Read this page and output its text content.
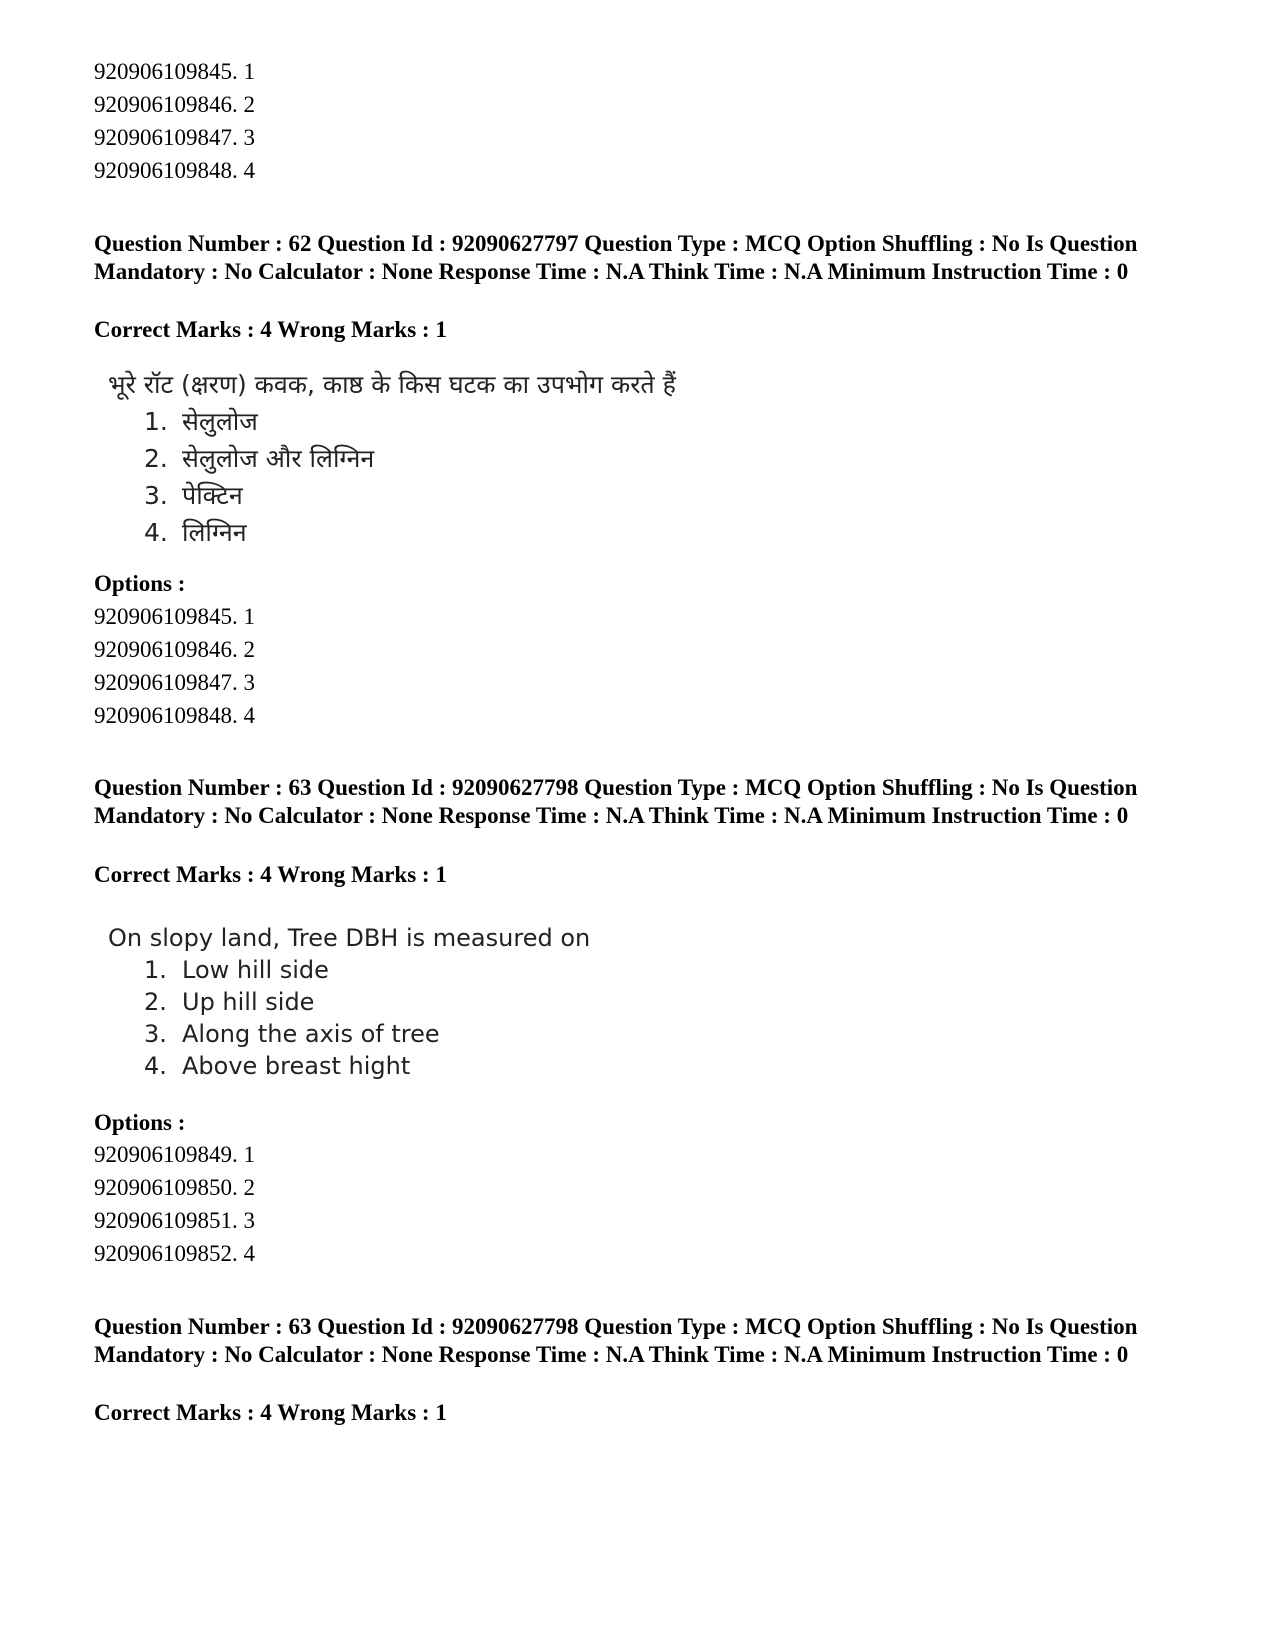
920906109845. 1
920906109846. 2
920906109847. 3
920906109848. 4
Question Number : 62 Question Id : 92090627797 Question Type : MCQ Option Shuffling : No Is Question Mandatory : No Calculator : None Response Time : N.A Think Time : N.A Minimum Instruction Time : 0
Correct Marks : 4 Wrong Marks : 1
भूरे रॉट (क्षरण) कवक, काष्ठ के किस घटक का उपभोग करते हैं
1. सेलुलोज
2. सेलुलोज और लिग्निन
3. पेक्टिन
4. लिग्निन
Options :
920906109845. 1
920906109846. 2
920906109847. 3
920906109848. 4
Question Number : 63 Question Id : 92090627798 Question Type : MCQ Option Shuffling : No Is Question Mandatory : No Calculator : None Response Time : N.A Think Time : N.A Minimum Instruction Time : 0
Correct Marks : 4 Wrong Marks : 1
On slopy land, Tree DBH is measured on
1. Low hill side
2. Up hill side
3. Along the axis of tree
4. Above breast hight
Options :
920906109849. 1
920906109850. 2
920906109851. 3
920906109852. 4
Question Number : 63 Question Id : 92090627798 Question Type : MCQ Option Shuffling : No Is Question Mandatory : No Calculator : None Response Time : N.A Think Time : N.A Minimum Instruction Time : 0
Correct Marks : 4 Wrong Marks : 1
